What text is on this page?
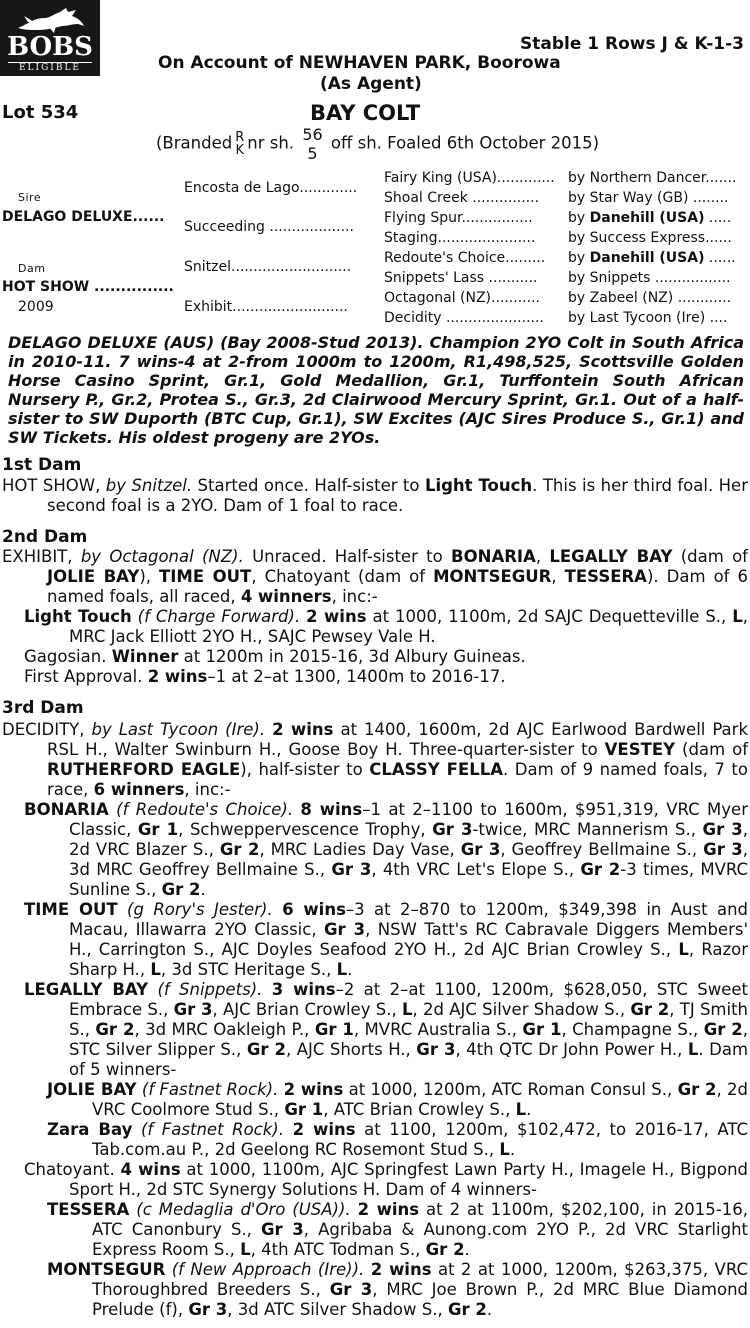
BOBS
ELIGIBLE
Stable 1 Rows J & K-1-3
On Account of NEWHAVEN PARK, Boorowa
(As Agent)
Lot 534	BAY COLT
(Branded R
K nr sh. 56
5 off sh. Foaled 6th October 2015)
Sire
DELAGO DELUXE......
Dam
HOT SHOW ...............
2009
Encosta de Lago.............
Succeeding ...................
Snitzel...........................
Exhibit..........................
Fairy King (USA).............
Shoal Creek ...............
Flying Spur................
Staging......................
Redoute's Choice.........
Snippets' Lass ...........
Octagonal (NZ)...........
Decidity ......................
by Northern Dancer.......
by Star Way (GB) ........
by Danehill (USA) .....
by Success Express......
by Danehill (USA) ......
by Snippets .................
by Zabeel (NZ) ............
by Last Tycoon (Ire) ....
DELAGO DELUXE (AUS) (Bay 2008-Stud 2013). Champion 2YO Colt in South Africa in 2010-11. 7 wins-4 at 2-from 1000m to 1200m, R1,498,525, Scottsville Golden Horse Casino Sprint, Gr.1, Gold Medallion, Gr.1, Turffontein South African Nursery P., Gr.2, Protea S., Gr.3, 2d Clairwood Mercury Sprint, Gr.1. Out of a half-sister to SW Duporth (BTC Cup, Gr.1), SW Excites (AJC Sires Produce S., Gr.1) and SW Tickets. His oldest progeny are 2YOs.
1st Dam

HOT SHOW, by Snitzel. Started once. Half-sister to Light Touch. This is her third foal. Her second foal is a 2YO. Dam of 1 foal to race.

2nd Dam

EXHIBIT, by Octagonal (NZ). Unraced. Half-sister to BONARIA, LEGALLY BAY (dam of JOLIE BAY), TIME OUT, Chatoyant (dam of MONTSEGUR, TESSERA). Dam of 6 named foals, all raced, 4 winners, inc:-

Light Touch (f Charge Forward). 2 wins at 1000, 1100m, 2d SAJC Dequetteville S., L, MRC Jack Elliott 2YO H., SAJC Pewsey Vale H.

Gagosian. Winner at 1200m in 2015-16, 3d Albury Guineas.

First Approval. 2 wins–1 at 2–at 1300, 1400m to 2016-17.

3rd Dam

DECIDITY, by Last Tycoon (Ire). 2 wins at 1400, 1600m, 2d AJC Earlwood Bardwell Park RSL H., Walter Swinburn H., Goose Boy H. Three-quarter-sister to VESTEY (dam of RUTHERFORD EAGLE), half-sister to CLASSY FELLA. Dam of 9 named foals, 7 to race, 6 winners, inc:-

BONARIA (f Redoute's Choice). 8 wins–1 at 2–1100 to 1600m, $951,319, VRC Myer Classic, Gr 1, Schweppervescence Trophy, Gr 3-twice, MRC Mannerism S., Gr 3, 2d VRC Blazer S., Gr 2, MRC Ladies Day Vase, Gr 3, Geoffrey Bellmaine S., Gr 3, 3d MRC Geoffrey Bellmaine S., Gr 3, 4th VRC Let's Elope S., Gr 2-3 times, MVRC Sunline S., Gr 2.

TIME OUT (g Rory's Jester). 6 wins–3 at 2–870 to 1200m, $349,398 in Aust and Macau, Illawarra 2YO Classic, Gr 3, NSW Tatt's RC Cabravale Diggers Members' H., Carrington S., AJC Doyles Seafood 2YO H., 2d AJC Brian Crowley S., L, Razor Sharp H., L, 3d STC Heritage S., L.

LEGALLY BAY (f Snippets). 3 wins–2 at 2–at 1100, 1200m, $628,050, STC Sweet Embrace S., Gr 3, AJC Brian Crowley S., L, 2d AJC Silver Shadow S., Gr 2, TJ Smith S., Gr 2, 3d MRC Oakleigh P., Gr 1, MVRC Australia S., Gr 1, Champagne S., Gr 2, STC Silver Slipper S., Gr 2, AJC Shorts H., Gr 3, 4th QTC Dr John Power H., L. Dam of 5 winners-

JOLIE BAY (f Fastnet Rock). 2 wins at 1000, 1200m, ATC Roman Consul S., Gr 2, 2d VRC Coolmore Stud S., Gr 1, ATC Brian Crowley S., L.

Zara Bay (f Fastnet Rock). 2 wins at 1100, 1200m, $102,472, to 2016-17, ATC Tab.com.au P., 2d Geelong RC Rosemont Stud S., L.

Chatoyant. 4 wins at 1000, 1100m, AJC Springfest Lawn Party H., Imagele H., Bigpond Sport H., 2d STC Synergy Solutions H. Dam of 4 winners-

TESSERA (c Medaglia d'Oro (USA)). 2 wins at 2 at 1100m, $202,100, in 2015-16, ATC Canonbury S., Gr 3, Agribaba & Aunong.com 2YO P., 2d VRC Starlight Express Room S., L, 4th ATC Todman S., Gr 2.

MONTSEGUR (f New Approach (Ire)). 2 wins at 2 at 1000, 1200m, $263,375, VRC Thoroughbred Breeders S., Gr 3, MRC Joe Brown P., 2d MRC Blue Diamond Prelude (f), Gr 3, 3d ATC Silver Shadow S., Gr 2.
